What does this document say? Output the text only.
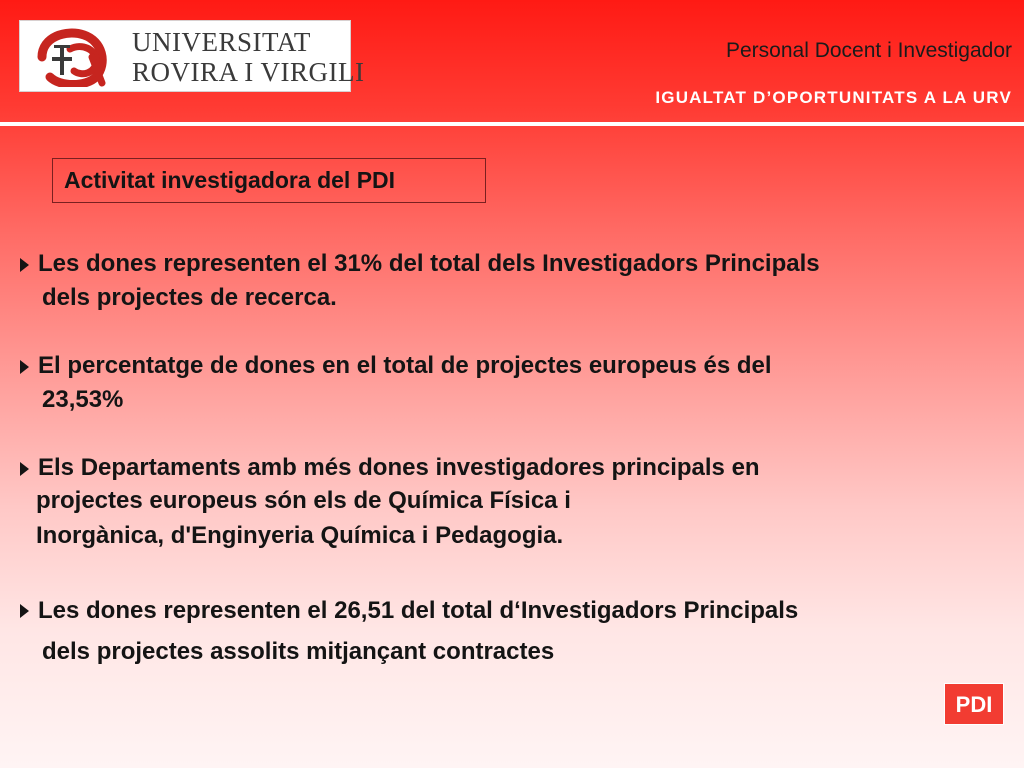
UNIVERSITAT
ROVIRA I VIRGILI
Personal Docent i Investigador
IGUALTAT D’OPORTUNITATS A LA URV
Activitat investigadora del PDI
Les dones representen el 31% del total dels Investigadors Principals
dels projectes de recerca.
El percentatge de dones en el total de projectes europeus és del
23,53%
Els Departaments amb més dones investigadores principals en
projectes europeus són els de Química Física i
Inorgànica, d'Enginyeria Química i Pedagogia.
Les dones representen el 26,51 del total d‘Investigadors Principals
dels projectes assolits mitjançant contractes
PDI
